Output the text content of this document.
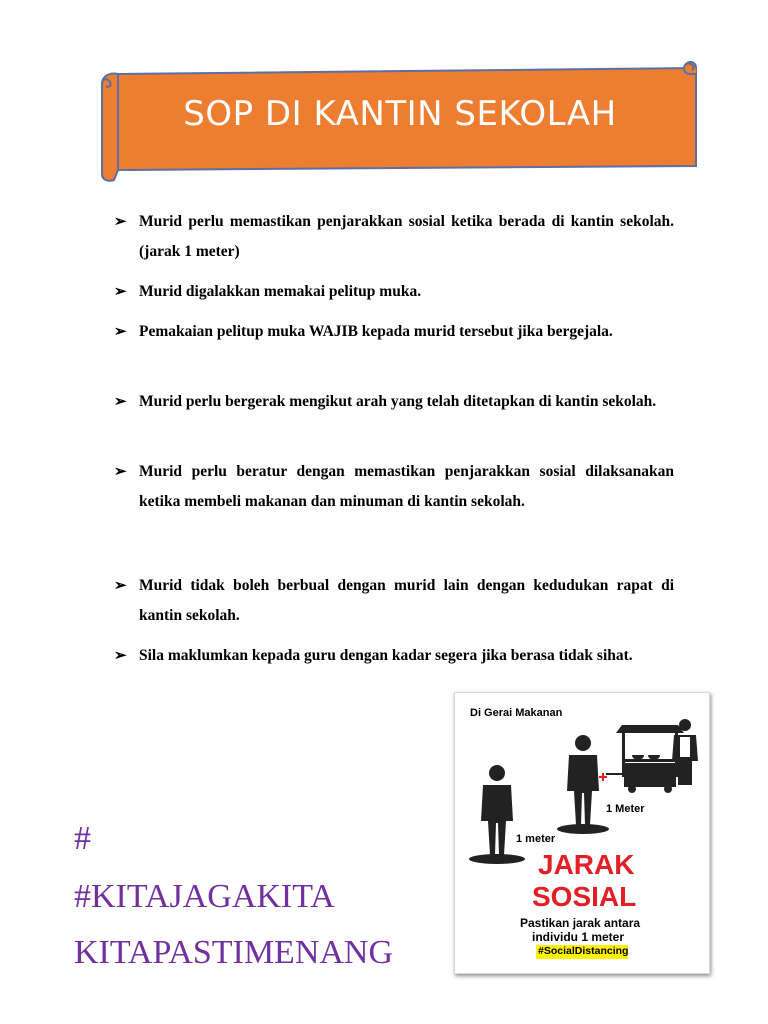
SOP DI KANTIN SEKOLAH
➢ Murid perlu memastikan penjarakkan sosial ketika berada di kantin sekolah. (jarak 1 meter)
➢ Murid digalakkan memakai pelitup muka.
➢ Pemakaian pelitup muka WAJIB kepada murid tersebut jika bergejala.
➢ Murid perlu bergerak mengikut arah yang telah ditetapkan di kantin sekolah.
➢ Murid perlu beratur dengan memastikan penjarakkan sosial dilaksanakan ketika membeli makanan dan minuman di kantin sekolah.
➢ Murid tidak boleh berbual dengan murid lain dengan kedudukan rapat di kantin sekolah.
➢ Sila maklumkan kepada guru dengan kadar segera jika berasa tidak sihat.
#
#KITAJAGAKITA
KITAPASTIMENANG
Di Gerai Makanan
1 Meter
1 meter
JARAK
SOSIAL
Pastikan jarak antara
individu 1 meter
#SocialDistancing
